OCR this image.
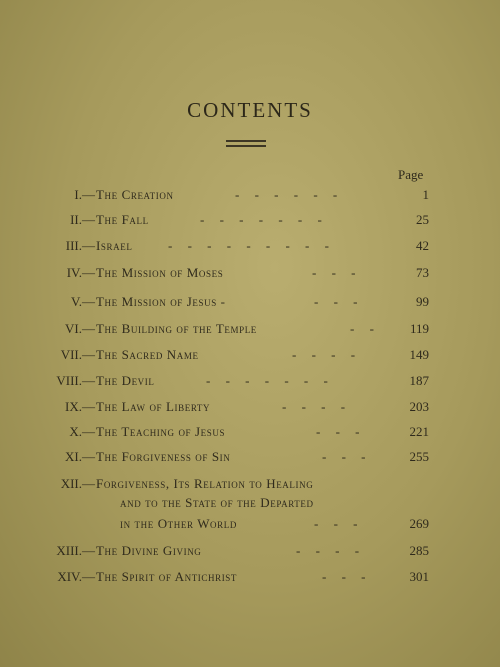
CONTENTS
Page
I.— The Creation	- - - - - -	1
II.— The Fall	- - - - - - -	25
III.— Israel	- - - - - - - - -	42
IV.— The Mission of Moses	- - -	73
V.— The Mission of Jesus -	- - -	99
VI.— The Building of the Temple	- - 119
VII.— The Sacred Name	- - - -	149
VIII.— The Devil	- - - - - - -	187
IX.— The Law of Liberty	- - - -	203
X.— The Teaching of Jesus	- - -	221
XI.— The Forgiveness of Sin	- - -	255
XII.— Forgiveness, Its Relation to Healing
and to the State of the Departed
in the Other World	- - -	269
XIII.— The Divine Giving	- - - -	285
XIV.— The Spirit of Antichrist	- - -	301
